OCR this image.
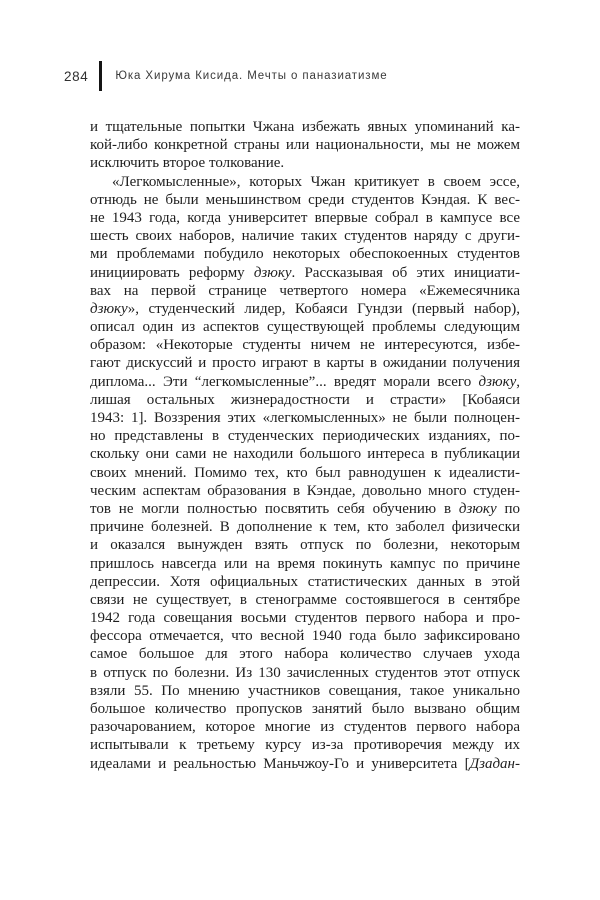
284 Юка Хирума Кисида. Мечты о паназиатизме
и тщательные попытки Чжана избежать явных упоминаний ка-
кой-либо конкретной страны или национальности, мы не можем
исключить второе толкование.
«Легкомысленные», которых Чжан критикует в своем эссе,
отнюдь не были меньшинством среди студентов Кэндая. К вес-
не 1943 года, когда университет впервые собрал в кампусе все
шесть своих наборов, наличие таких студентов наряду с други-
ми проблемами побудило некоторых обеспокоенных студентов
инициировать реформу дзюку. Рассказывая об этих инициати-
вах на первой странице четвертого номера «Ежемесячника
дзюку», студенческий лидер, Кобаяси Гундзи (первый набор),
описал один из аспектов существующей проблемы следующим
образом: «Некоторые студенты ничем не интересуются, избе-
гают дискуссий и просто играют в карты в ожидании получения
диплома... Эти “легкомысленные”... вредят морали всего дзюку,
лишая остальных жизнерадостности и страсти» [Кобаяси
1943: 1]. Воззрения этих «легкомысленных» не были полноцен-
но представлены в студенческих периодических изданиях, по-
скольку они сами не находили большого интереса в публикации
своих мнений. Помимо тех, кто был равнодушен к идеалисти-
ческим аспектам образования в Кэндае, довольно много студен-
тов не могли полностью посвятить себя обучению в дзюку по
причине болезней. В дополнение к тем, кто заболел физически
и оказался вынужден взять отпуск по болезни, некоторым
пришлось навсегда или на время покинуть кампус по причине
депрессии. Хотя официальных статистических данных в этой
связи не существует, в стенограмме состоявшегося в сентябре
1942 года совещания восьми студентов первого набора и про-
фессора отмечается, что весной 1940 года было зафиксировано
самое большое для этого набора количество случаев ухода
в отпуск по болезни. Из 130 зачисленных студентов этот отпуск
взяли 55. По мнению участников совещания, такое уникально
большое количество пропусков занятий было вызвано общим
разочарованием, которое многие из студентов первого набора
испытывали к третьему курсу из-за противоречия между их
идеалами и реальностью Маньчжоу-Го и университета [Дзадан-
